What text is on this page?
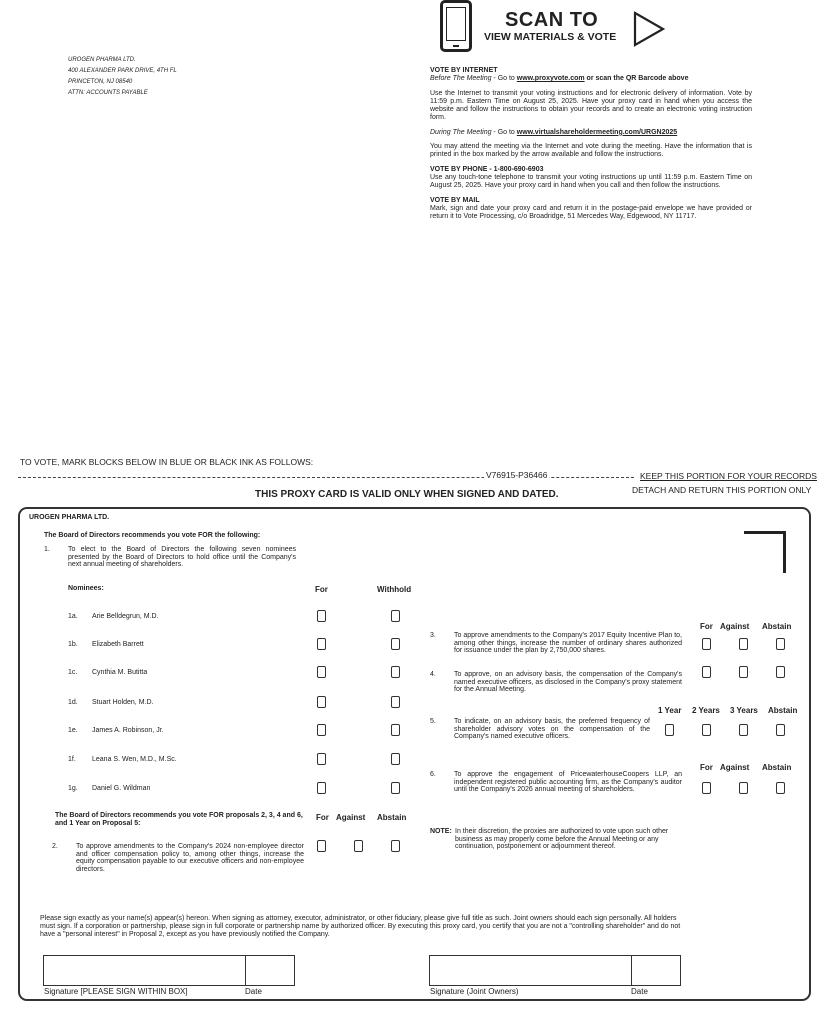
UROGEN PHARMA LTD.
400 ALEXANDER PARK DRIVE, 4TH FL
PRINCETON, NJ 08540
ATTN: ACCOUNTS PAYABLE
SCAN TO
VIEW MATERIALS & VOTE
VOTE BY INTERNET

Before The Meeting - Go to www.proxyvote.com or scan the QR Barcode above

Use the Internet to transmit your voting instructions and for electronic delivery of information. Vote by 11:59 p.m. Eastern Time on August 25, 2025. Have your proxy card in hand when you access the website and follow the instructions to obtain your records and to create an electronic voting instruction form.

During The Meeting - Go to www.virtualshareholdermeeting.com/URGN2025

You may attend the meeting via the Internet and vote during the meeting. Have the information that is printed in the box marked by the arrow available and follow the instructions.

VOTE BY PHONE - 1-800-690-6903

Use any touch-tone telephone to transmit your voting instructions up until 11:59 p.m. Eastern Time on August 25, 2025. Have your proxy card in hand when you call and then follow the instructions.

VOTE BY MAIL

Mark, sign and date your proxy card and return it in the postage-paid envelope we have provided or return it to Vote Processing, c/o Broadridge, 51 Mercedes Way, Edgewood, NY 11717.

TO VOTE, MARK BLOCKS BELOW IN BLUE OR BLACK INK AS FOLLOWS:
V76915-P36466	KEEP THIS PORTION FOR YOUR RECORDS
DETACH AND RETURN THIS PORTION ONLY
THIS PROXY CARD IS VALID ONLY WHEN SIGNED AND DATED.
UROGEN PHARMA LTD.
The Board of Directors recommends you vote FOR the following:
1.	To elect to the Board of Directors the following seven nominees presented by the Board of Directors to hold office until the Company's next annual meeting of shareholders.
Nominees:	For	Withhold
1a. Arie Belldegrun, M.D.
1b. Elizabeth Barrett
1c. Cynthia M. Butitta
1d. Stuart Holden, M.D.
1e. James A. Robinson, Jr.
1f. Leana S. Wen, M.D., M.Sc.
1g. Daniel G. Wildman
The Board of Directors recommends you vote FOR proposals 2, 3, 4 and 6, and 1 Year on Proposal 5:
For Against Abstain
2.	To approve amendments to the Company's 2024 non-employee director and officer compensation policy to, among other things, increase the equity compensation payable to our executive officers and non-employee directors.
For Against Abstain
3.	To approve amendments to the Company's 2017 Equity Incentive Plan to, among other things, increase the number of ordinary shares authorized for issuance under the plan by 2,750,000 shares.
4.	To approve, on an advisory basis, the compensation of the Company's named executive officers, as disclosed in the Company's proxy statement for the Annual Meeting.
1 Year 2 Years 3 Years Abstain
5.	To indicate, on an advisory basis, the preferred frequency of shareholder advisory votes on the compensation of the Company's named executive officers.
For Against Abstain
6.	To approve the engagement of PricewaterhouseCoopers LLP, an independent registered public accounting firm, as the Company's auditor until the Company's 2026 annual meeting of shareholders.
NOTE: In their discretion, the proxies are authorized to vote upon such other business as may properly come before the Annual Meeting or any continuation, postponement or adjournment thereof.
Please sign exactly as your name(s) appear(s) hereon. When signing as attorney, executor, administrator, or other fiduciary, please give full title as such. Joint owners should each sign personally. All holders must sign. If a corporation or partnership, please sign in full corporate or partnership name by authorized officer. By executing this proxy card, you certify that you are not a "controlling shareholder" and do not have a "personal interest" in Proposal 2, except as you have previously notified the Company.
Signature [PLEASE SIGN WITHIN BOX]	Date	Signature (Joint Owners)	Date
